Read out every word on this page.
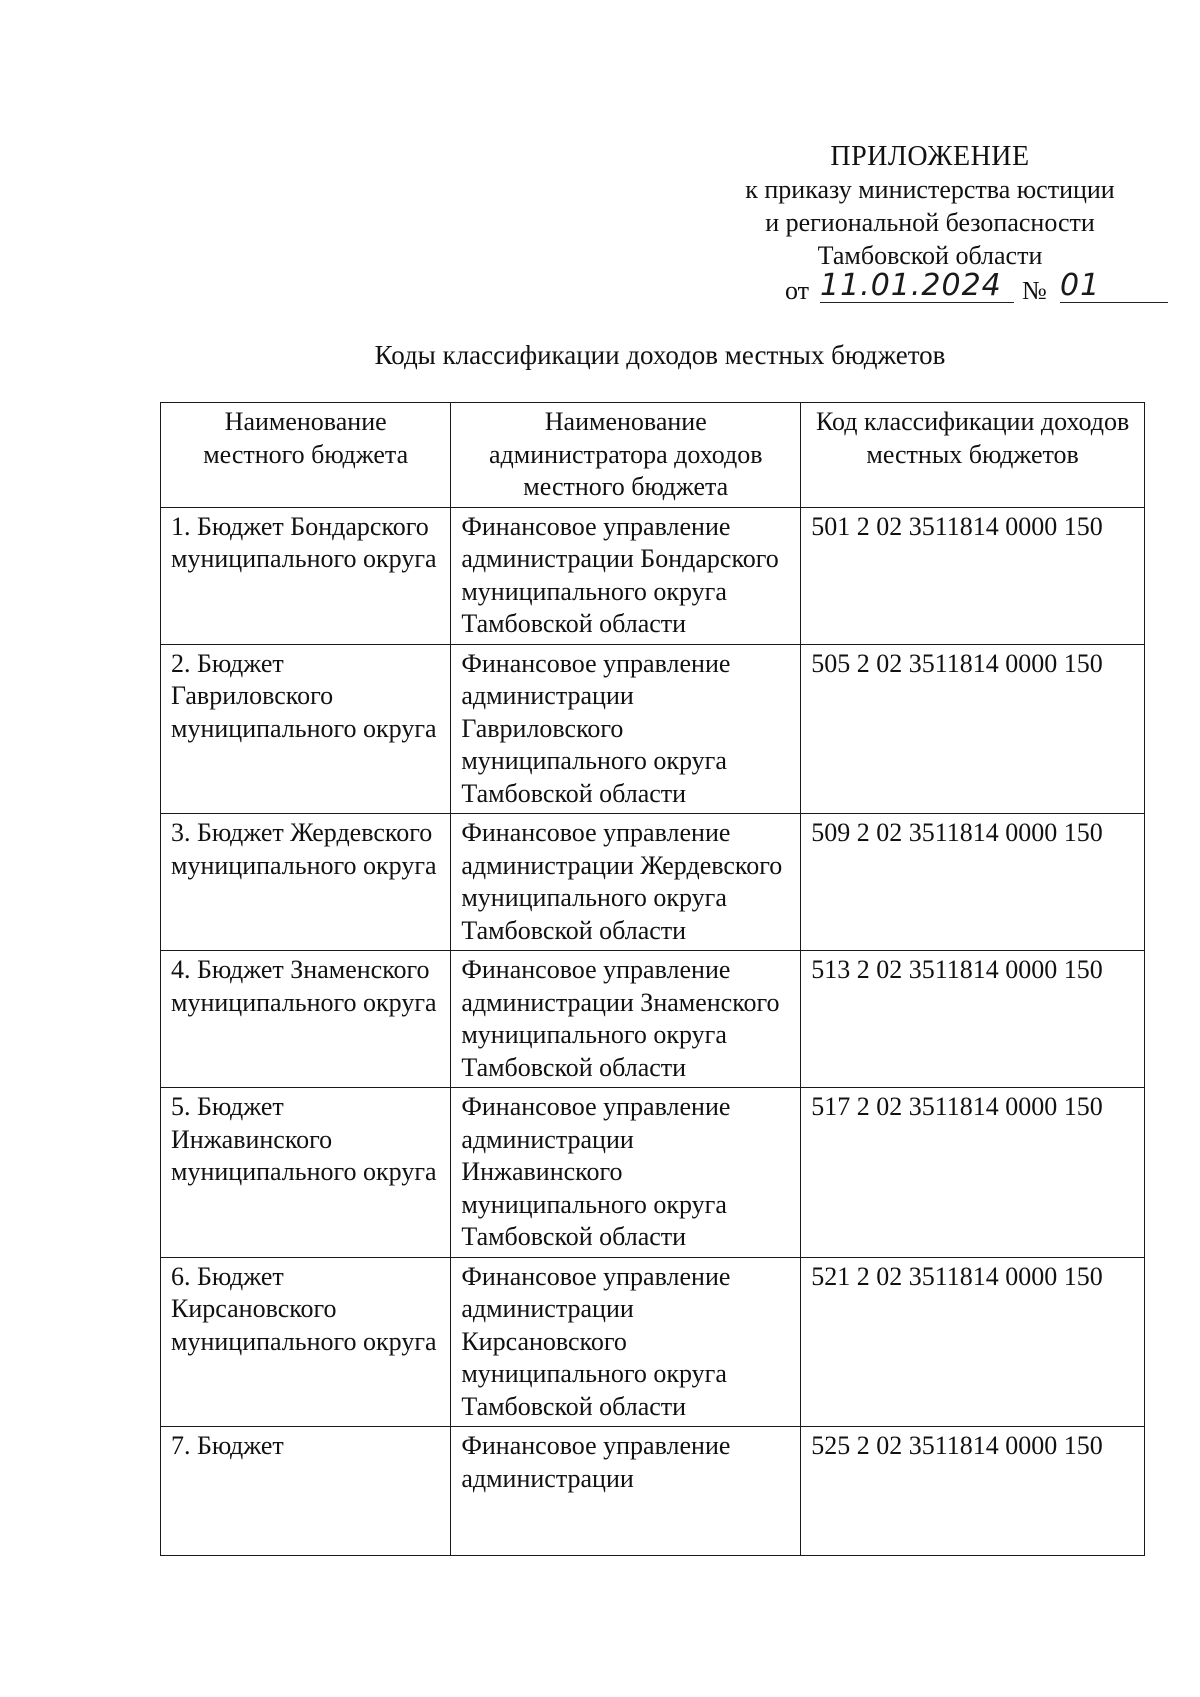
ПРИЛОЖЕНИЕ
к приказу министерства юстиции
и региональной безопасности
Тамбовской области
от 11.01.2024 № 01
Коды классификации доходов местных бюджетов
Наименование местного бюджета	Наименование администратора доходов местного бюджета	Код классификации доходов местных бюджетов
1. Бюджет Бондарского муниципального округа	Финансовое управление администрации Бондарского муниципального округа Тамбовской области	501 2 02 3511814 0000 150
2. Бюджет Гавриловского муниципального округа	Финансовое управление администрации Гавриловского муниципального округа Тамбовской области	505 2 02 3511814 0000 150
3. Бюджет Жердевского муниципального округа	Финансовое управление администрации Жердевского муниципального округа Тамбовской области	509 2 02 3511814 0000 150
4. Бюджет Знаменского муниципального округа	Финансовое управление администрации Знаменского муниципального округа Тамбовской области	513 2 02 3511814 0000 150
5. Бюджет Инжавинского муниципального округа	Финансовое управление администрации Инжавинского муниципального округа Тамбовской области	517 2 02 3511814 0000 150
6. Бюджет Кирсановского муниципального округа	Финансовое управление администрации Кирсановского муниципального округа Тамбовской области	521 2 02 3511814 0000 150
7. Бюджет	Финансовое управление администрации	525 2 02 3511814 0000 150
